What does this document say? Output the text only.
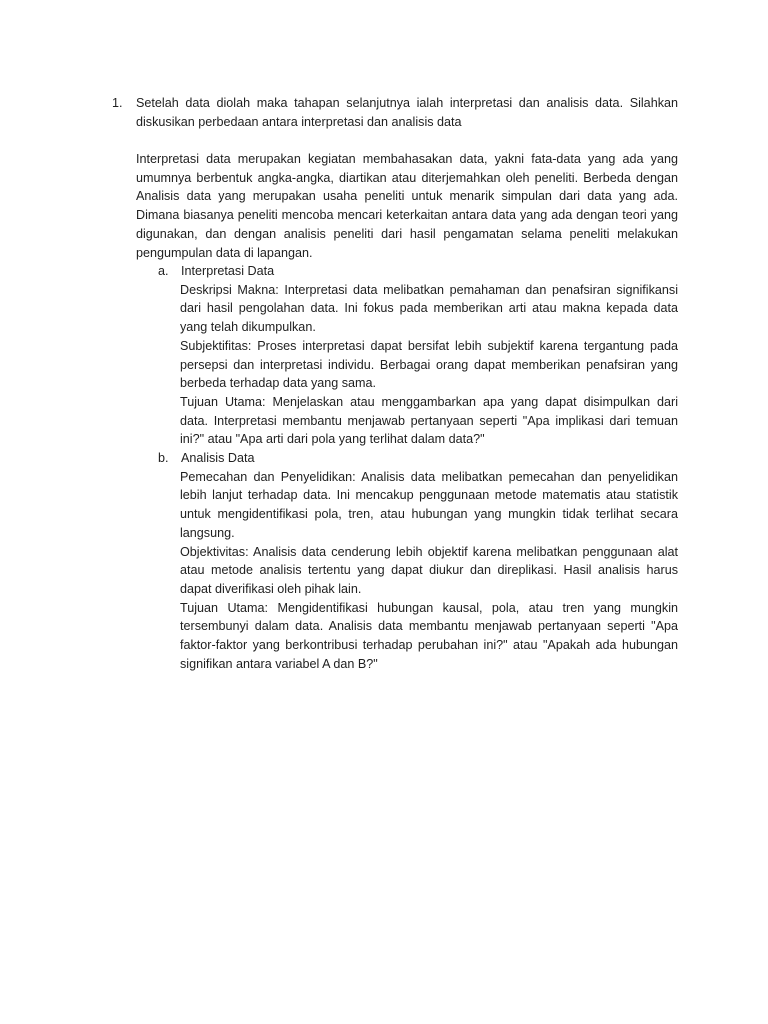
1.	Setelah data diolah maka tahapan selanjutnya ialah interpretasi dan analisis data. Silahkan diskusikan perbedaan antara interpretasi dan analisis data

Interpretasi data merupakan kegiatan membahasakan data, yakni fata-data yang ada yang umumnya berbentuk angka-angka, diartikan atau diterjemahkan oleh peneliti. Berbeda dengan Analisis data yang merupakan usaha peneliti untuk menarik simpulan dari data yang ada. Dimana biasanya peneliti mencoba mencari keterkaitan antara data yang ada dengan teori yang digunakan, dan dengan analisis peneliti dari hasil pengamatan selama peneliti melakukan pengumpulan data di lapangan.

a. Interpretasi Data

Deskripsi Makna: Interpretasi data melibatkan pemahaman dan penafsiran signifikansi dari hasil pengolahan data. Ini fokus pada memberikan arti atau makna kepada data yang telah dikumpulkan.

Subjektifitas: Proses interpretasi dapat bersifat lebih subjektif karena tergantung pada persepsi dan interpretasi individu. Berbagai orang dapat memberikan penafsiran yang berbeda terhadap data yang sama.

Tujuan Utama: Menjelaskan atau menggambarkan apa yang dapat disimpulkan dari data. Interpretasi membantu menjawab pertanyaan seperti "Apa implikasi dari temuan ini?" atau "Apa arti dari pola yang terlihat dalam data?"

b. Analisis Data

Pemecahan dan Penyelidikan: Analisis data melibatkan pemecahan dan penyelidikan lebih lanjut terhadap data. Ini mencakup penggunaan metode matematis atau statistik untuk mengidentifikasi pola, tren, atau hubungan yang mungkin tidak terlihat secara langsung.

Objektivitas: Analisis data cenderung lebih objektif karena melibatkan penggunaan alat atau metode analisis tertentu yang dapat diukur dan direplikasi. Hasil analisis harus dapat diverifikasi oleh pihak lain.

Tujuan Utama: Mengidentifikasi hubungan kausal, pola, atau tren yang mungkin tersembunyi dalam data. Analisis data membantu menjawab pertanyaan seperti "Apa faktor-faktor yang berkontribusi terhadap perubahan ini?" atau "Apakah ada hubungan signifikan antara variabel A dan B?"
